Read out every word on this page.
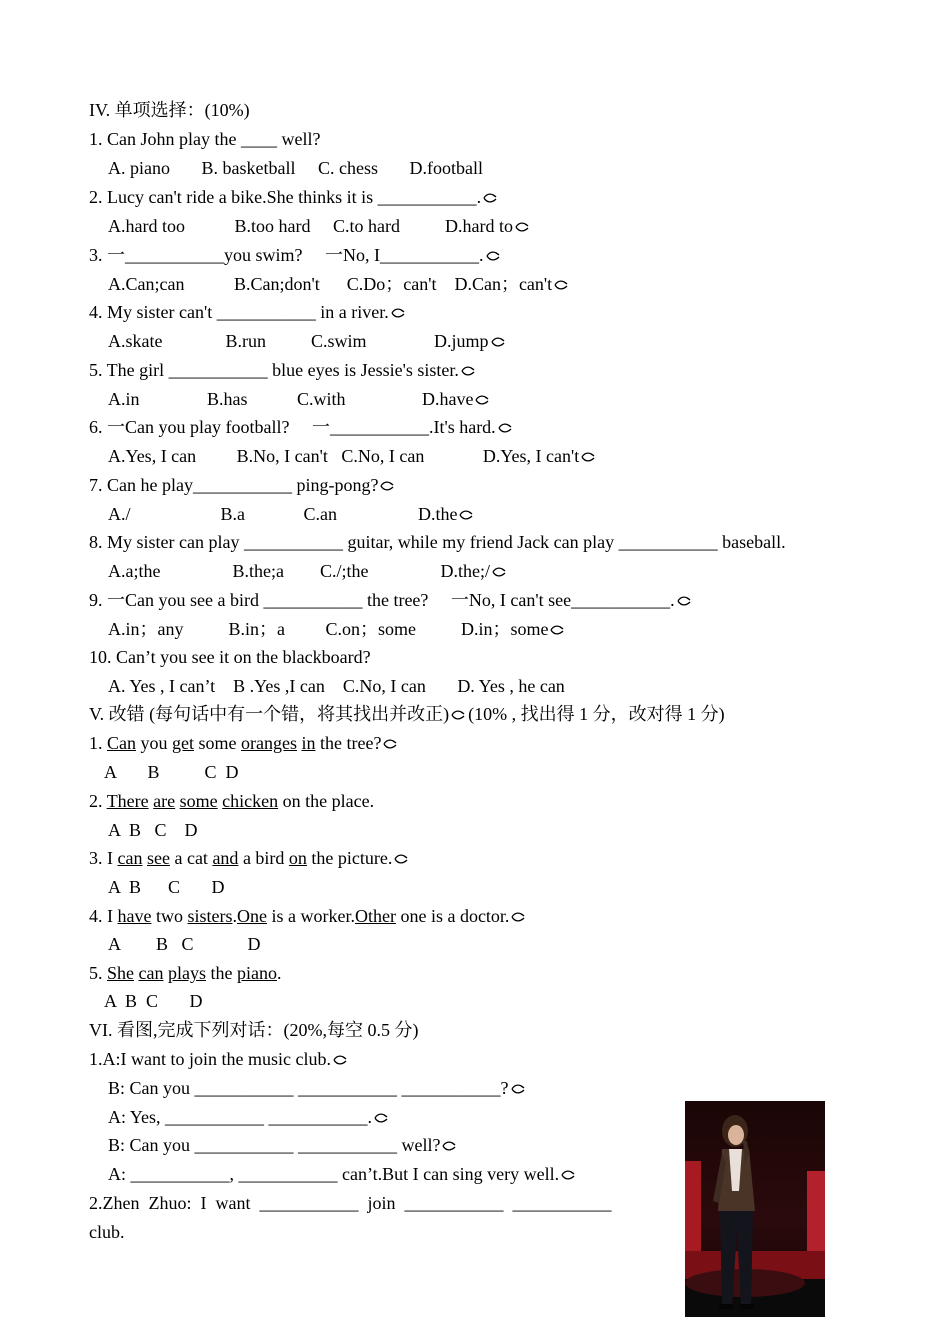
IV. 单项选择：(10%)
1. Can John play the ____ well?
A. piano       B. basketball     C. chess       D.football
2. Lucy can't ride a bike.She thinks it is ___________.
A.hard too           B.too hard     C.to hard          D.hard to
3. 一___________you swim?     一No, I___________.
A.Can;can           B.Can;don't      C.Do；can't    D.Can；can't
4. My sister can't ___________ in a river.
A.skate              B.run          C.swim               D.jump
5. The girl ___________ blue eyes is Jessie's sister.
A.in               B.has           C.with                 D.have
6. 一Can you play football?     一___________.It's hard.
A.Yes, I can         B.No, I can't   C.No, I can             D.Yes, I can't
7. Can he play___________ ping-pong?
A./                    B.a             C.an                  D.the
8. My sister can play ___________ guitar, while my friend Jack can play ___________ baseball.
A.a;the                B.the;a        C./;the                D.the;/
9. 一Can you see a bird ___________ the tree?     一No, I can't see___________.
A.in；any          B.in；a         C.on；some          D.in；some
10. Can’t you see it on the blackboard?
A. Yes , I can’t    B .Yes ,I can    C.No, I can       D. Yes , he can
V. 改错 (每句话中有一个错，将其找出并改正) (10% , 找出得 1 分，改对得 1 分)
1. Can you get some oranges in the tree?
A       B          C  D
2. There are some chicken on the place.
A  B   C    D
3. I can see a cat and a bird on the picture.
A  B      C       D
4. I have two sisters.One is a worker.Other one is a doctor.
A        B   C            D
5. She can plays the piano.
A  B  C       D
VI. 看图,完成下列对话：(20%,每空 0.5 分)
1.A:I want to join the music club.
B: Can you ___________ ___________ ___________?
A: Yes, ___________ ___________.
B: Can you ___________ ___________ well?
A: ___________, ___________ can’t.But I can sing very well.
2.Zhen  Zhuo:  I  want  ___________  join  ___________  ___________
club.
